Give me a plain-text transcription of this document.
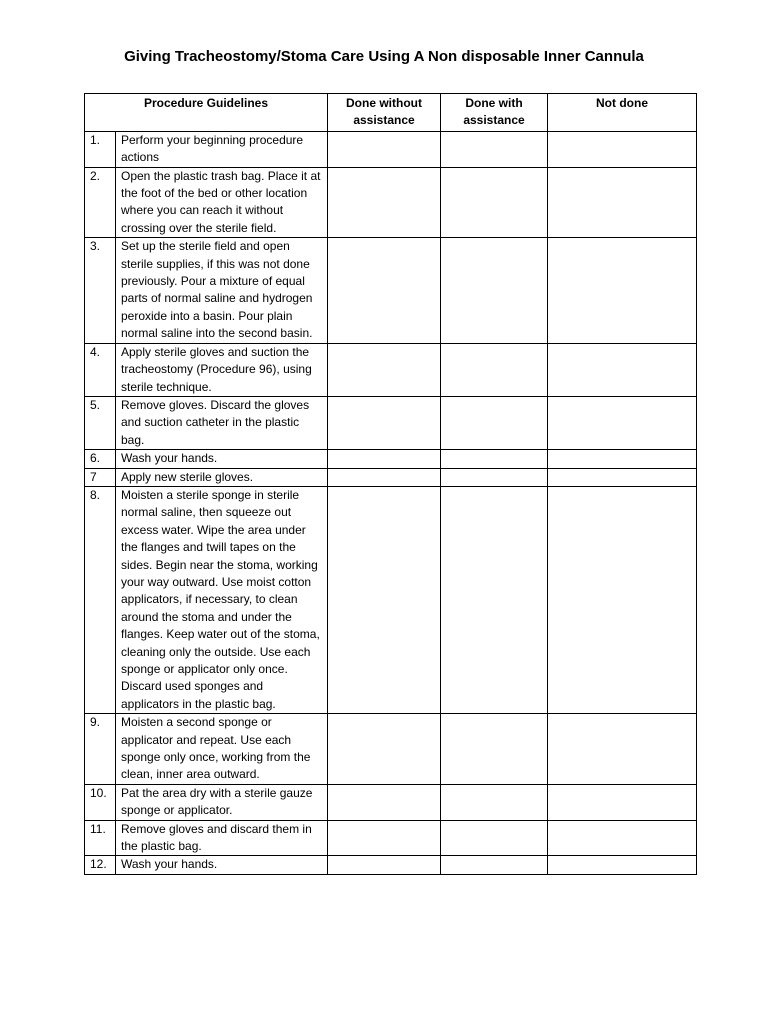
Giving Tracheostomy/Stoma Care Using A Non disposable Inner Cannula
Procedure Guidelines		Done without assistance	Done with assistance	Not done
1.	Perform your beginning procedure actions			
2.	Open the plastic trash bag. Place it at the foot of the bed or other location where you can reach it without crossing over the sterile field.			
3.	Set up the sterile field and open sterile supplies, if this was not done previously. Pour a mixture of equal parts of normal saline and hydrogen peroxide into a basin. Pour plain normal saline into the second basin.			
4.	Apply sterile gloves and suction the tracheostomy (Procedure 96), using sterile technique.			
5.	Remove gloves. Discard the gloves and suction catheter in the plastic bag.			
6.	Wash your hands.			
7	Apply new sterile gloves.			
8.	Moisten a sterile sponge in sterile normal saline, then squeeze out excess water. Wipe the area under the flanges and twill tapes on the sides. Begin near the stoma, working your way outward. Use moist cotton applicators, if necessary, to clean around the stoma and under the flanges. Keep water out of the stoma, cleaning only the outside. Use each sponge or applicator only once. Discard used sponges and applicators in the plastic bag.			
9.	Moisten a second sponge or applicator and repeat. Use each sponge only once, working from the clean, inner area outward.			
10.	Pat the area dry with a sterile gauze sponge or applicator.			
11.	Remove gloves and discard them in the plastic bag.			
12.	Wash your hands.			
